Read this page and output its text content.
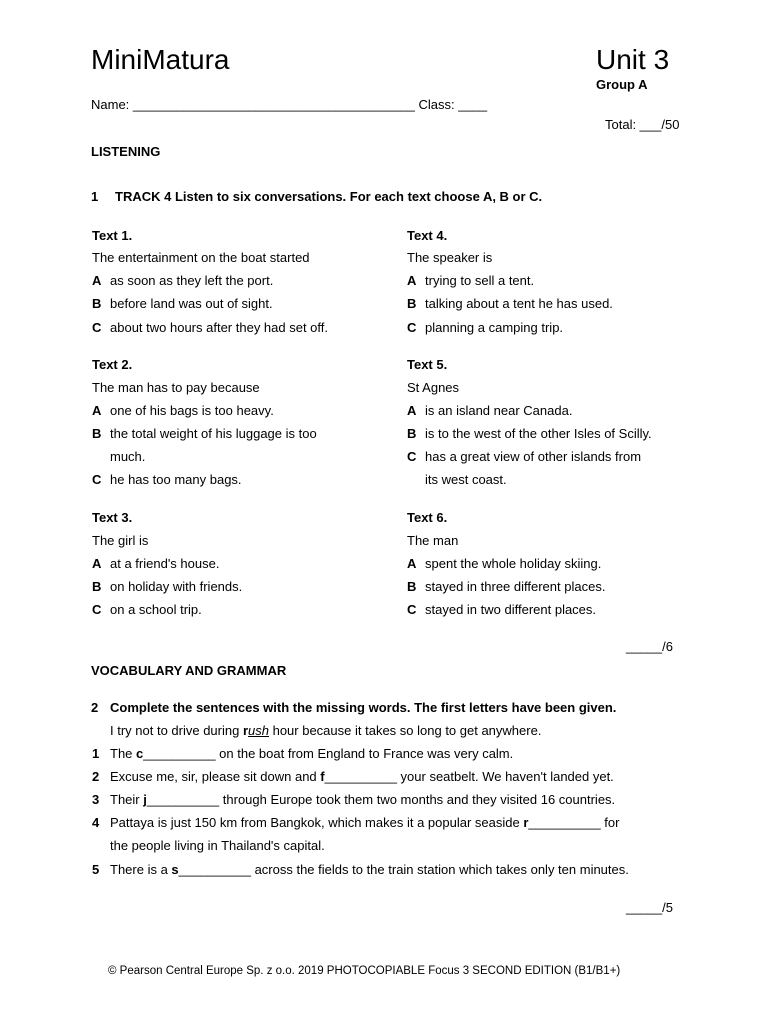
MiniMatura	Unit 3
Group A
Name: _______________________________________ Class: ____
Total: ___/50
LISTENING
1 TRACK 4 Listen to six conversations. For each text choose A, B or C.
Text 1.
The entertainment on the boat started
A as soon as they left the port.
B before land was out of sight.
C about two hours after they had set off.
Text 2.
The man has to pay because
A one of his bags is too heavy.
B the total weight of his luggage is too
much.
C he has too many bags.
Text 3.
The girl is
A at a friend's house.
B on holiday with friends.
C on a school trip.
Text 4.
The speaker is
A trying to sell a tent.
B talking about a tent he has used.
C planning a camping trip.
Text 5.
St Agnes
A is an island near Canada.
B is to the west of the other Isles of Scilly.
C has a great view of other islands from
its west coast.
Text 6.
The man
A spent the whole holiday skiing.
B stayed in three different places.
C stayed in two different places.
_____/6
VOCABULARY AND GRAMMAR
2 Complete the sentences with the missing words. The first letters have been given.
I try not to drive during rush hour because it takes so long to get anywhere.
1 The c__________ on the boat from England to France was very calm.
2 Excuse me, sir, please sit down and f__________ your seatbelt. We haven't landed yet.
3 Their j__________ through Europe took them two months and they visited 16 countries.
4 Pattaya is just 150 km from Bangkok, which makes it a popular seaside r__________ for
the people living in Thailand's capital.
5 There is a s__________ across the fields to the train station which takes only ten minutes.
_____/5
© Pearson Central Europe Sp. z o.o. 2019 PHOTOCOPIABLE Focus 3 SECOND EDITION (B1/B1+)
